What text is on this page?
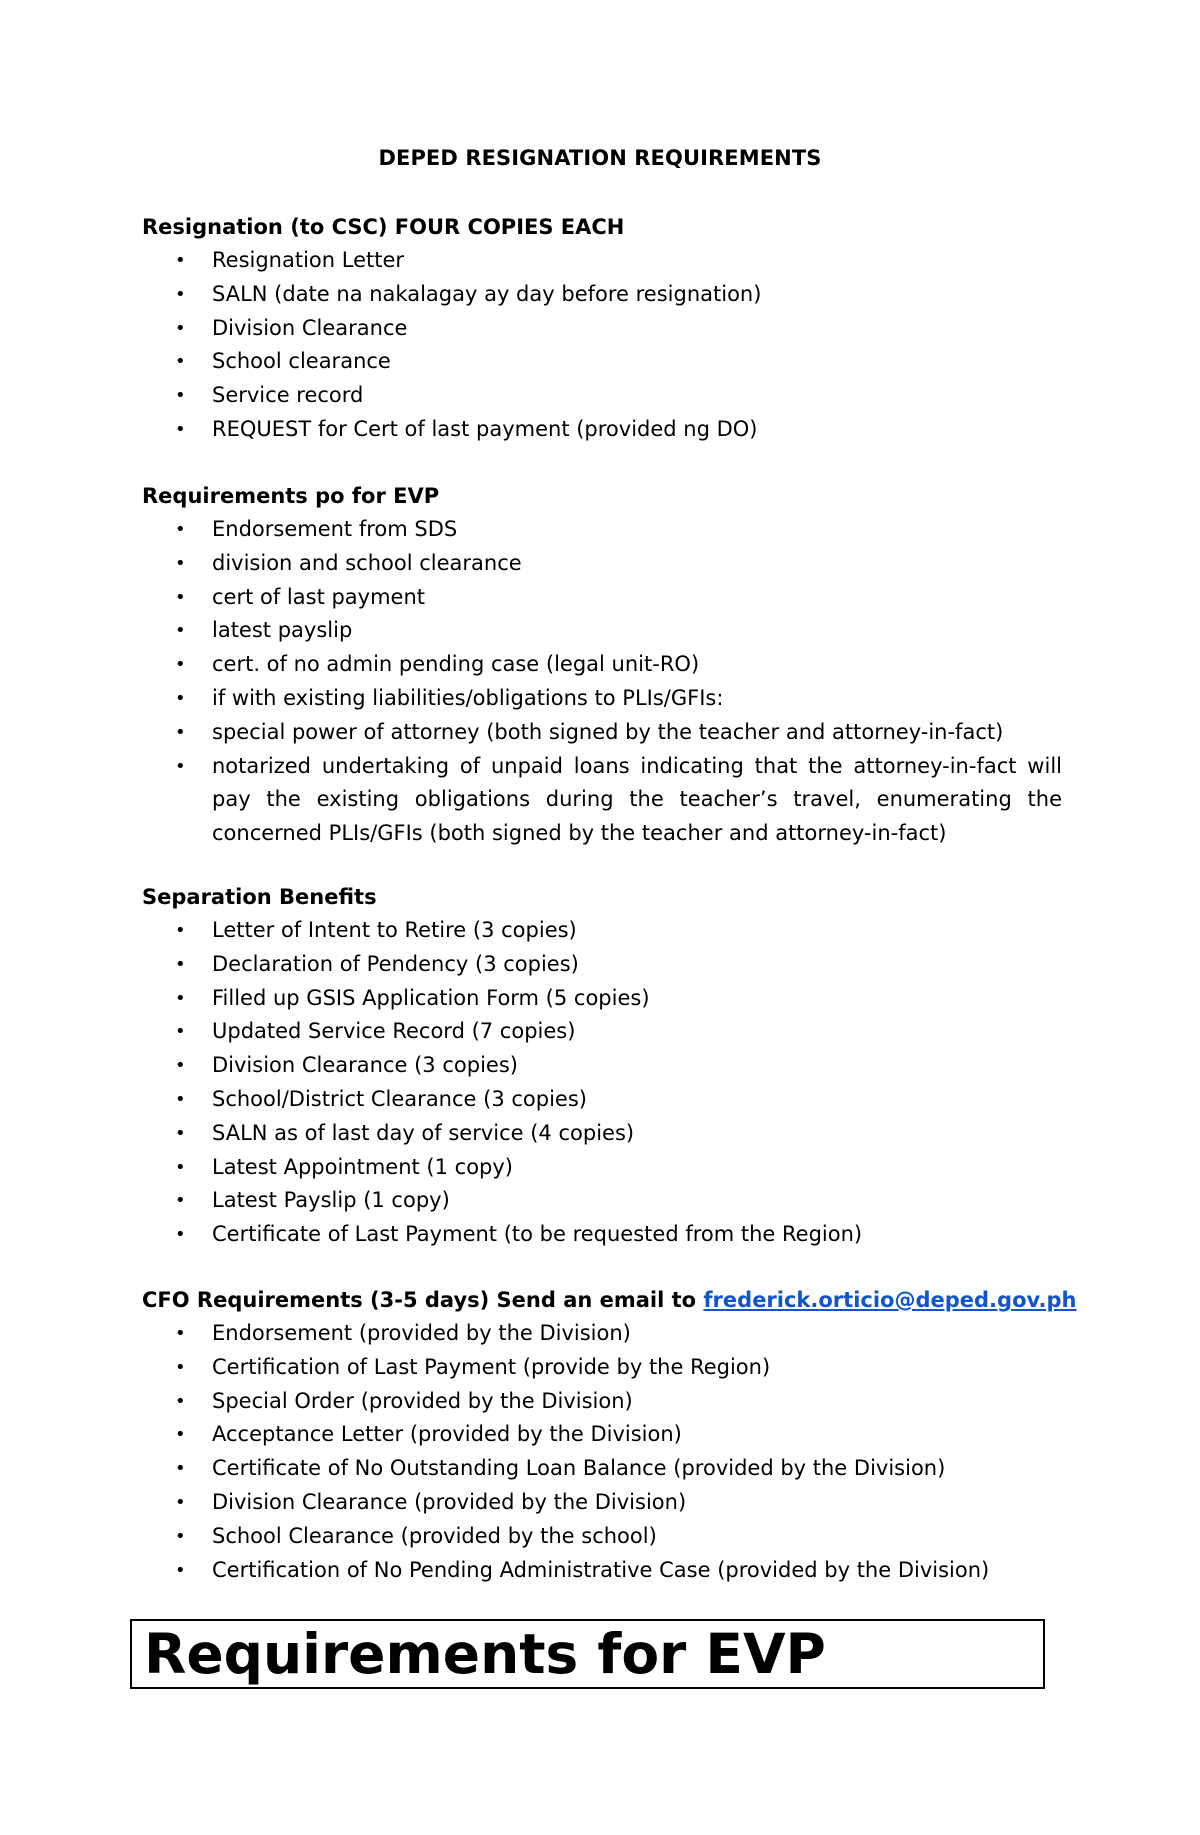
DEPED RESIGNATION REQUIREMENTS
Resignation (to CSC) FOUR COPIES EACH
• Resignation Letter
• SALN (date na nakalagay ay day before resignation)
• Division Clearance
• School clearance
• Service record
• REQUEST for Cert of last payment (provided ng DO)
Requirements po for EVP
• Endorsement from SDS
• division and school clearance
• cert of last payment
• latest payslip
• cert. of no admin pending case (legal unit-RO)
• if with existing liabilities/obligations to PLIs/GFIs:
• special power of attorney (both signed by the teacher and attorney-in-fact)
• notarized undertaking of unpaid loans indicating that the attorney-in-fact will pay the existing obligations during the teacher’s travel, enumerating the concerned PLIs/GFIs (both signed by the teacher and attorney-in-fact)
Separation Benefits
• Letter of Intent to Retire (3 copies)
• Declaration of Pendency (3 copies)
• Filled up GSIS Application Form (5 copies)
• Updated Service Record (7 copies)
• Division Clearance (3 copies)
• School/District Clearance (3 copies)
• SALN as of last day of service (4 copies)
• Latest Appointment (1 copy)
• Latest Payslip (1 copy)
• Certificate of Last Payment (to be requested from the Region)
CFO Requirements (3-5 days) Send an email to frederick.orticio@deped.gov.ph
• Endorsement (provided by the Division)
• Certification of Last Payment (provide by the Region)
• Special Order (provided by the Division)
• Acceptance Letter (provided by the Division)
• Certificate of No Outstanding Loan Balance (provided by the Division)
• Division Clearance (provided by the Division)
• School Clearance (provided by the school)
• Certification of No Pending Administrative Case (provided by the Division)
Requirements for EVP
